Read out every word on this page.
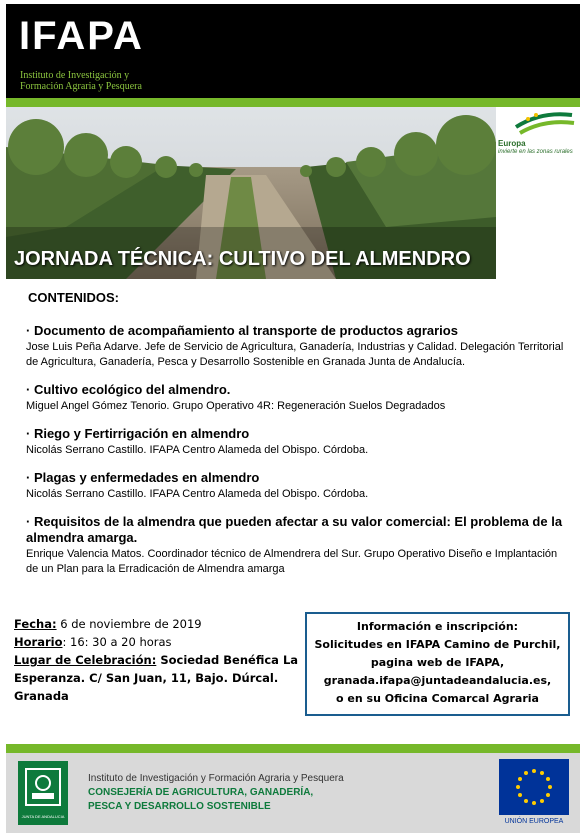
IFAPA
Instituto de Investigación y
Formación Agraria y Pesquera
JORNADA TÉCNICA: CULTIVO DEL ALMENDRO
Europa
invierte en las zonas rurales
CONTENIDOS:
· Documento de acompañamiento al transporte de productos agrarios
Jose Luis Peña Adarve. Jefe de Servicio de Agricultura, Ganadería, Industrias y Calidad. Delegación Territorial de Agricultura, Ganadería, Pesca y Desarrollo Sostenible en Granada Junta de Andalucía.
· Cultivo ecológico del almendro.
Miguel Angel Gómez Tenorio. Grupo Operativo 4R: Regeneración Suelos Degradados
· Riego y Fertirrigación en almendro
Nicolás Serrano Castillo. IFAPA Centro Alameda del Obispo. Córdoba.
· Plagas y enfermedades en almendro
Nicolás Serrano Castillo. IFAPA Centro Alameda del Obispo. Córdoba.
· Requisitos de la almendra que pueden afectar a su valor comercial: El problema de la almendra amarga.
Enrique Valencia Matos. Coordinador técnico de Almendrera del Sur. Grupo Operativo Diseño e Implantación de un Plan para la Erradicación de Almendra amarga
Fecha: 6 de noviembre de 2019
Horario: 16: 30 a 20 horas
Lugar de Celebración: Sociedad Benéfica La Esperanza. C/ San Juan, 11, Bajo. Dúrcal. Granada
Información e inscripción:
Solicitudes en IFAPA Camino de Purchil,
pagina web de IFAPA,
granada.ifapa@juntadeandalucia.es,
o en su Oficina Comarcal Agraria
JUNTA DE ANDALUCIA
Instituto de Investigación y Formación Agraria y Pesquera
CONSEJERÍA DE AGRICULTURA, GANADERÍA,
PESCA Y DESARROLLO SOSTENIBLE
UNIÓN EUROPEA
